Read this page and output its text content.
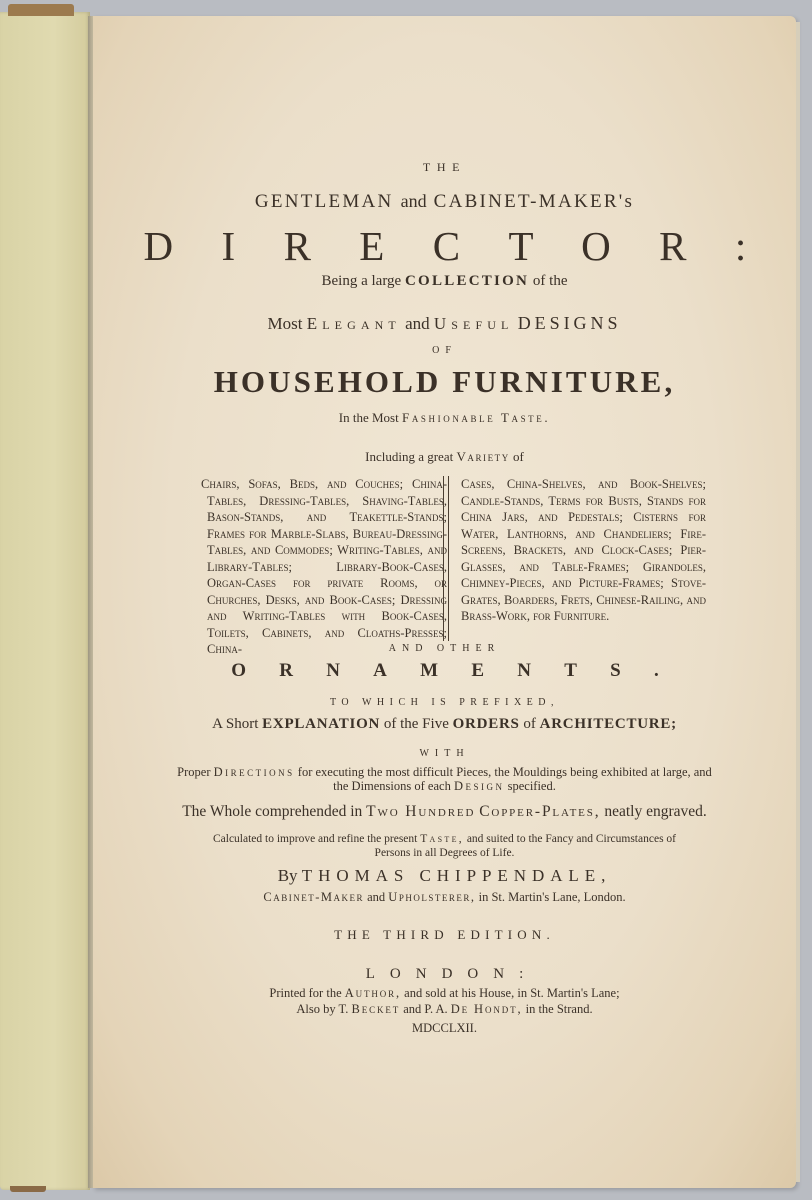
THE
GENTLEMAN and CABINET-MAKER's
DIRECTOR:
Being a large COLLECTION of the
Most Elegant and Useful DESIGNS
OF
HOUSEHOLD FURNITURE,
In the Most Fashionable Taste.
Including a great Variety of

Chairs, Sofas, Beds, and Couches; China-Tables, Dressing-Tables, Shaving-Tables, Bason-Stands, and Teakettle-Stands; Frames for Marble-Slabs, Bureau-Dressing-Tables, and Commodes; Writing-Tables, and Library-Tables; Library-Book-Cases, Organ-Cases for private Rooms, or Churches, Desks, and Book-Cases; Dressing and Writing-Tables with Book-Cases, Toilets, Cabinets, and Cloaths-Presses; China-

Cases, China-Shelves, and Book-Shelves; Candle-Stands, Terms for Busts, Stands for China Jars, and Pedestals; Cisterns for Water, Lanthorns, and Chandeliers; Fire-Screens, Brackets, and Clock-Cases; Pier-Glasses, and Table-Frames; Girandoles, Chimney-Pieces, and Picture-Frames; Stove-Grates, Boarders, Frets, Chinese-Railing, and Brass-Work, for Furniture.

AND OTHER
ORNAMENTS.
TO WHICH IS PREFIXED,
A Short EXPLANATION of the Five ORDERS of ARCHITECTURE;
WITH
Proper Directions for executing the most difficult Pieces, the Mouldings being exhibited at large, and the Dimensions of each Design specified.
The Whole comprehended in Two Hundred Copper-Plates, neatly engraved.
Calculated to improve and refine the present Taste, and suited to the Fancy and Circumstances of Persons in all Degrees of Life.
By THOMAS CHIPPENDALE,
Cabinet-Maker and Upholsterer, in St. Martin's Lane, London.
THE THIRD EDITION.
LONDON:
Printed for the Author, and sold at his House, in St. Martin's Lane;
Also by T. Becket and P. A. De Hondt, in the Strand.
MDCCLXII.
